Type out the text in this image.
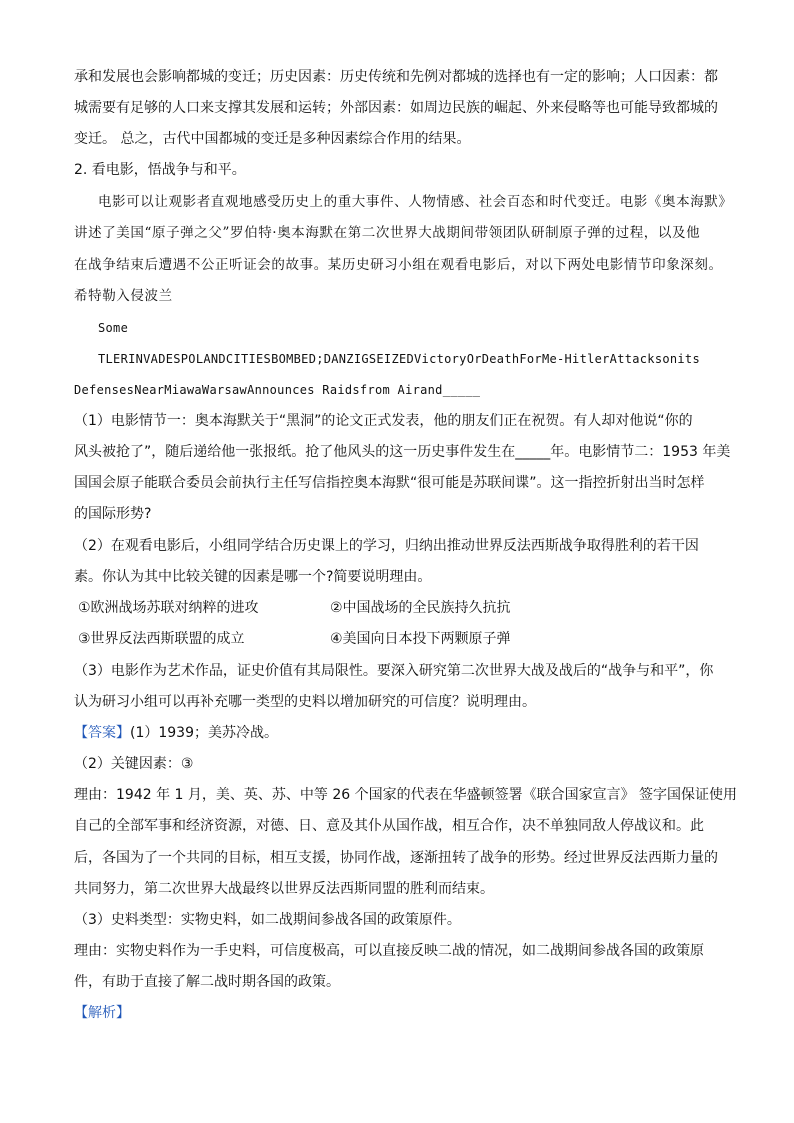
承和发展也会影响都城的变迁；历史因素：历史传统和先例对都城的选择也有一定的影响；人口因素：都
城需要有足够的人口来支撑其发展和运转；外部因素：如周边民族的崛起、外来侵略等也可能导致都城的
变迁。 总之，古代中国都城的变迁是多种因素综合作用的结果。
2. 看电影，悟战争与和平。
电影可以让观影者直观地感受历史上的重大事件、人物情感、社会百态和时代变迁。电影《奥本海默》
讲述了美国“原子弹之父”罗伯特·奥本海默在第二次世界大战期间带领团队研制原子弹的过程，以及他
在战争结束后遭遇不公正听证会的故事。某历史研习小组在观看电影后，对以下两处电影情节印象深刻。
希特勒入侵波兰
Some
TLERINVADESPOLANDCITIESBOMBED;DANZIGSEIZEDVictoryOrDeathForMe-HitlerAttacksonits
DefensesNearMiawaWarsawAnnounces Raidsfrom Airand_____
（1）电影情节一：奥本海默关于“黑洞”的论文正式发表，他的朋友们正在祝贺。有人却对他说“你的
风头被抢了”，随后递给他一张报纸。抢了他风头的这一历史事件发生在_____年。电影情节二：1953 年美
国国会原子能联合委员会前执行主任写信指控奥本海默“很可能是苏联间谍”。这一指控折射出当时怎样
的国际形势?
（2）在观看电影后，小组同学结合历史课上的学习，归纳出推动世界反法西斯战争取得胜利的若干因
素。你认为其中比较关键的因素是哪一个?简要说明理由。
①欧洲战场苏联对纳粹的进攻	②中国战场的全民族持久抗抗
③世界反法西斯联盟的成立	④美国向日本投下两颗原子弹
（3）电影作为艺术作品，证史价值有其局限性。要深入研究第二次世界大战及战后的“战争与和平”，你
认为研习小组可以再补充哪一类型的史料以增加研究的可信度？说明理由。
【答案】(1）1939；美苏冷战。
（2）关键因素：③
理由：1942 年 1 月，美、英、苏、中等 26 个国家的代表在华盛顿签署《联合国家宣言》 签字国保证使用
自己的全部军事和经济资源，对德、日、意及其仆从国作战，相互合作，决不单独同敌人停战议和。此
后，各国为了一个共同的目标，相互支援，协同作战，逐渐扭转了战争的形势。经过世界反法西斯力量的
共同努力，第二次世界大战最终以世界反法西斯同盟的胜利而结束。
（3）史料类型：实物史料，如二战期间参战各国的政策原件。
理由：实物史料作为一手史料，可信度极高，可以直接反映二战的情况，如二战期间参战各国的政策原
件，有助于直接了解二战时期各国的政策。
【解析】
